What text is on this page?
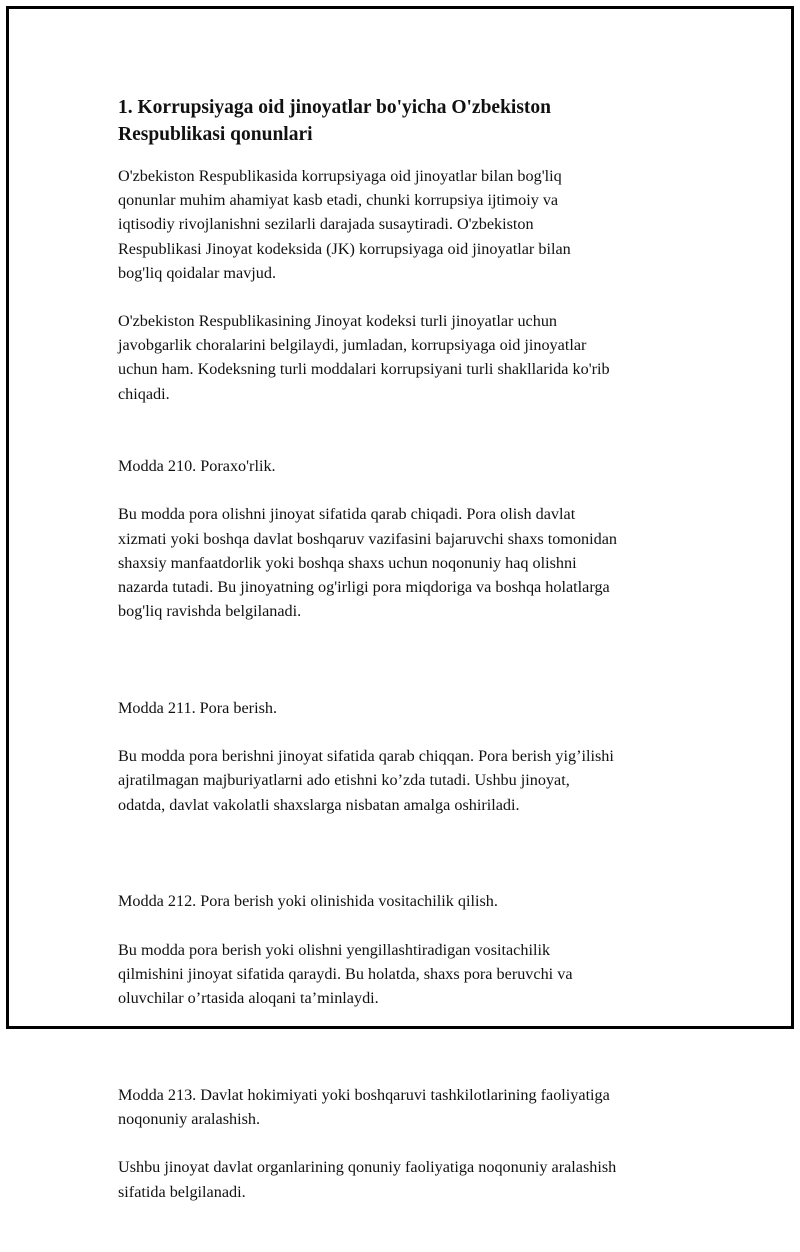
1. Korrupsiyaga oid jinoyatlar bo'yicha O'zbekiston
Respublikasi qonunlari

O'zbekiston Respublikasida korrupsiyaga oid jinoyatlar bilan bog'liq
qonunlar muhim ahamiyat kasb etadi, chunki korrupsiya ijtimoiy va
iqtisodiy rivojlanishni sezilarli darajada susaytiradi. O'zbekiston
Respublikasi Jinoyat kodeksida (JK) korrupsiyaga oid jinoyatlar bilan
bog'liq qoidalar mavjud.

O'zbekiston Respublikasining Jinoyat kodeksi turli jinoyatlar uchun
javobgarlik choralarini belgilaydi, jumladan, korrupsiyaga oid jinoyatlar
uchun ham. Kodeksning turli moddalari korrupsiyani turli shakllarida ko'rib
chiqadi.

Modda 210. Poraxo'rlik.

Bu modda pora olishni jinoyat sifatida qarab chiqadi. Pora olish davlat
xizmati yoki boshqa davlat boshqaruv vazifasini bajaruvchi shaxs tomonidan
shaxsiy manfaatdorlik yoki boshqa shaxs uchun noqonuniy haq olishni
nazarda tutadi. Bu jinoyatning og'irligi pora miqdoriga va boshqa holatlarga
bog'liq ravishda belgilanadi.

Modda 211. Pora berish.

Bu modda pora berishni jinoyat sifatida qarab chiqqan. Pora berish yig’ilishi
ajratilmagan majburiyatlarni ado etishni ko’zda tutadi. Ushbu jinoyat,
odatda, davlat vakolatli shaxslarga nisbatan amalga oshiriladi.

Modda 212. Pora berish yoki olinishida vositachilik qilish.

Bu modda pora berish yoki olishni yengillashtiradigan vositachilik
qilmishini jinoyat sifatida qaraydi. Bu holatda, shaxs pora beruvchi va
oluvchilar o’rtasida aloqani ta’minlaydi.

Modda 213. Davlat hokimiyati yoki boshqaruvi tashkilotlarining faoliyatiga
noqonuniy aralashish.

Ushbu jinoyat davlat organlarining qonuniy faoliyatiga noqonuniy aralashish
sifatida belgilanadi.
